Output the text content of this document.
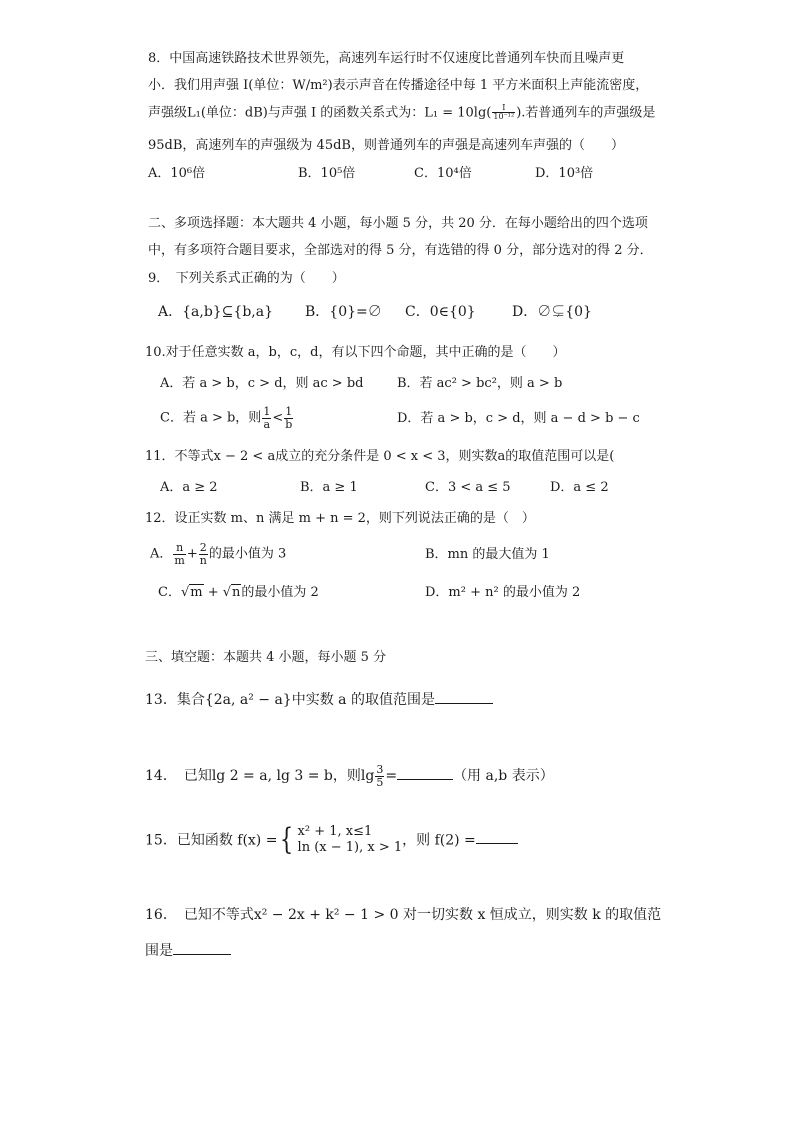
8．中国高速铁路技术世界领先，高速列车运行时不仅速度比普通列车快而且噪声更
小．我们用声强 I(单位：W/m²)表示声音在传播途径中每 1 平方米面积上声能流密度，
声强级L₁(单位：dB)与声强 I 的函数关系式为：$L_1 = 10\lg( \frac{I}{\text{10⁻¹²}}$ ).若普通列车的声强级是
95dB，高速列车的声强级为 45dB，则普通列车的声强是高速列车声强的（　　）
A．10⁶倍	B．10⁵倍	C．10⁴倍	D．10³倍
二、多项选择题：本大题共 4 小题，每小题 5 分，共 20 分．在每小题给出的四个选项
中，有多项符合题目要求，全部选对的得 5 分，有选错的得 0 分，部分选对的得 2 分．
9．　下列关系式正确的为（　　）
A．{a,b}⊆{b,a} B．{0}=∅ C．0∈{0}	D．∅⊊{0}
10.对于任意实数 a，b，c，d，有以下四个命题，其中正确的是（　　）
A．若 a > b，c > d，则 ac > bd	B．若 ac² > bc²，则 a > b
C．若 a > b，则 $\frac{1}{a} < \frac{1}{b}$	D．若 a > b，c > d，则 a − d > b − c
11．不等式x − 2 < a成立的充分条件是 0 < x < 3，则实数a的取值范围可以是(
A．a ≥ 2	B．a ≥ 1	C．3 < a ≤ 5	D．a ≤ 2
12．设正实数 m、n 满足 m + n = 2，则下列说法正确的是（　）
A． $\frac{n}{m} + \frac{2}{n}$ 的最小值为 3	B．mn 的最大值为 1
C．√m + √n的最小值为 2	D．m² + n² 的最小值为 2
三、填空题：本题共 4 小题，每小题 5 分
13．集合{2a, a² − a}中实数 a 的取值范围是
14．　已知lg 2 = a, lg 3 = b，则$\lg \frac{3}{5}$ =	（用 a,b 表示）
15．已知函数 f(x) ={ x² + 1, x≤1
ln (x − 1), x > 1 ，则 f(2) =
16．　已知不等式x² − 2x + k² − 1 > 0 对一切实数 x 恒成立，则实数 k 的取值范
围是
